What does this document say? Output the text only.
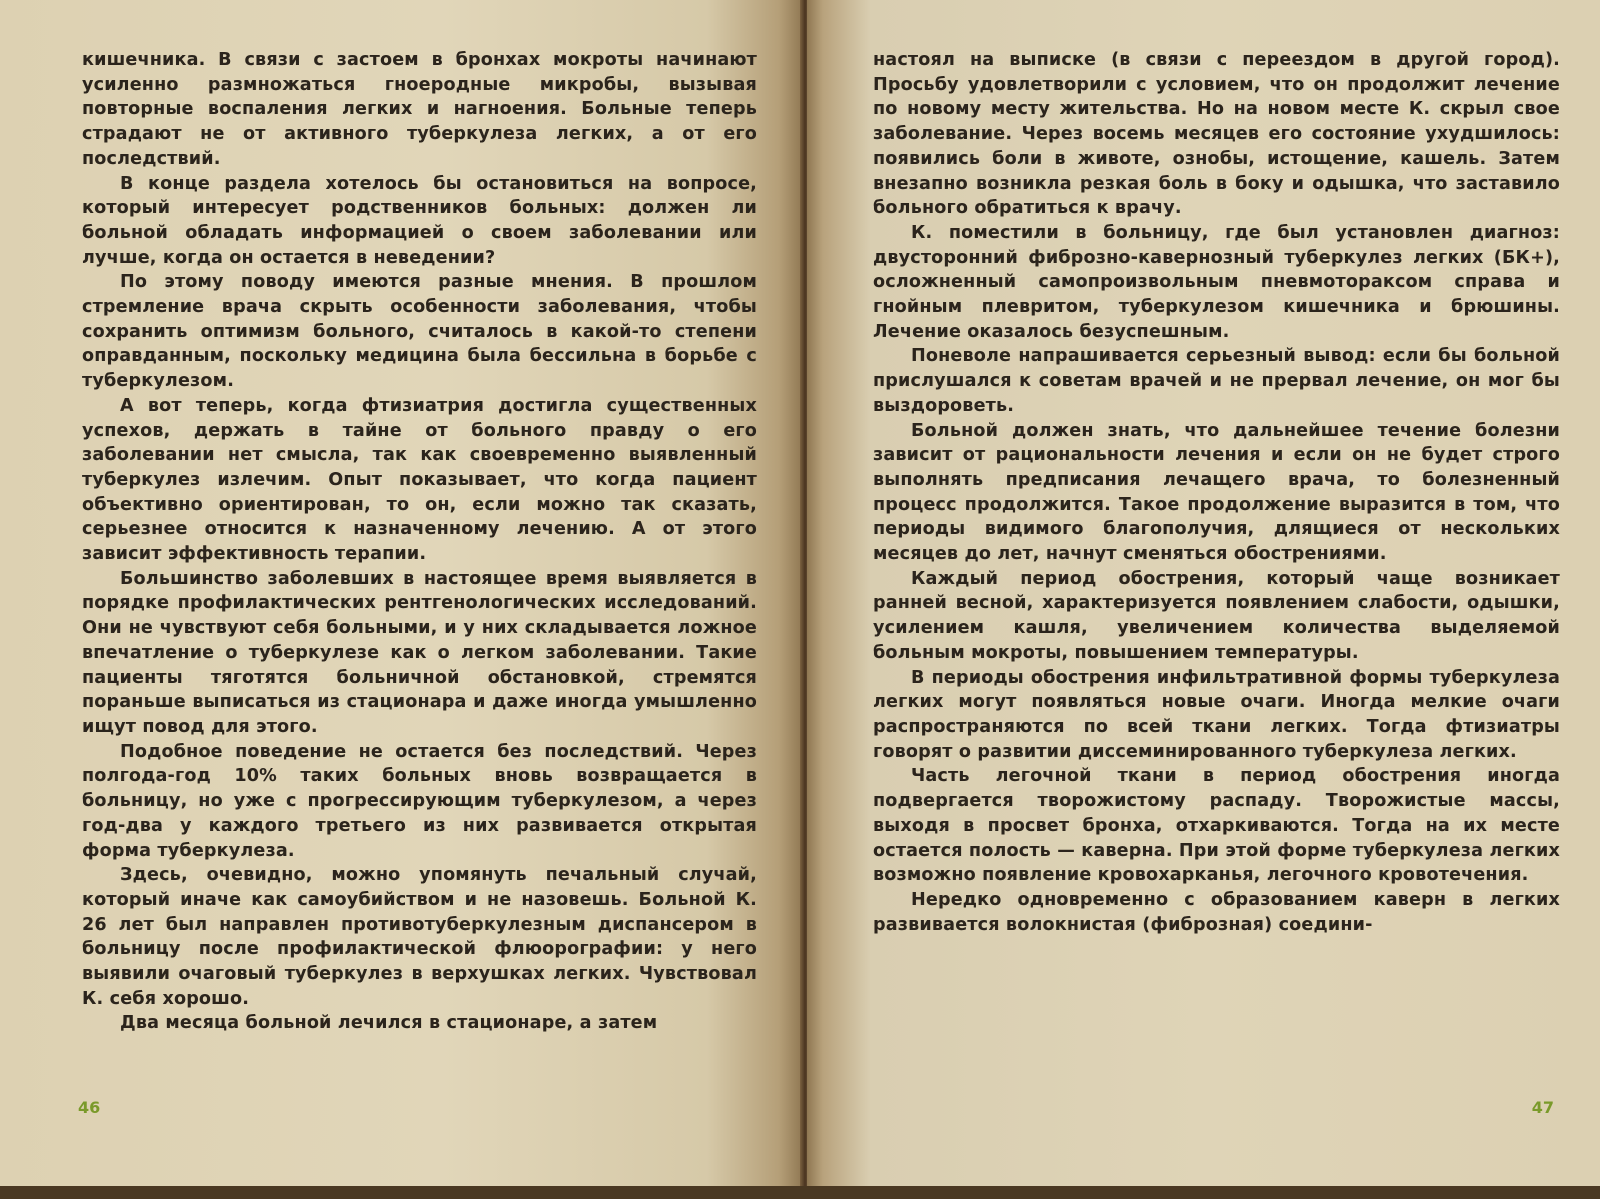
кишечника. В связи с застоем в бронхах мокроты начинают усиленно размножаться гноеродные микробы, вызывая повторные воспаления легких и нагноения. Больные теперь страдают не от активного туберкулеза легких, а от его последствий.

В конце раздела хотелось бы остановиться на вопросе, который интересует родственников больных: должен ли больной обладать информацией о своем заболевании или лучше, когда он остается в неведении?

По этому поводу имеются разные мнения. В прошлом стремление врача скрыть особенности заболевания, чтобы сохранить оптимизм больного, считалось в какой-то степени оправданным, поскольку медицина была бессильна в борьбе с туберкулезом.

А вот теперь, когда фтизиатрия достигла существенных успехов, держать в тайне от больного правду о его заболевании нет смысла, так как своевременно выявленный туберкулез излечим. Опыт показывает, что когда пациент объективно ориентирован, то он, если можно так сказать, серьезнее относится к назначенному лечению. А от этого зависит эффективность терапии.

Большинство заболевших в настоящее время выявляется в порядке профилактических рентгенологических исследований. Они не чувствуют себя больными, и у них складывается ложное впечатление о туберкулезе как о легком заболевании. Такие пациенты тяготятся больничной обстановкой, стремятся пораньше выписаться из стационара и даже иногда умышленно ищут повод для этого.

Подобное поведение не остается без последствий. Через полгода-год 10% таких больных вновь возвращается в больницу, но уже с прогрессирующим туберкулезом, а через год-два у каждого третьего из них развивается открытая форма туберкулеза.

Здесь, очевидно, можно упомянуть печальный случай, который иначе как самоубийством и не назовешь. Больной К. 26 лет был направлен противотуберкулезным диспансером в больницу после профилактической флюорографии: у него выявили очаговый туберкулез в верхушках легких. Чувствовал К. себя хорошо.

Два месяца больной лечился в стационаре, а затем

46

настоял на выписке (в связи с переездом в другой город). Просьбу удовлетворили с условием, что он продолжит лечение по новому месту жительства. Но на новом месте К. скрыл свое заболевание. Через восемь месяцев его состояние ухудшилось: появились боли в животе, ознобы, истощение, кашель. Затем внезапно возникла резкая боль в боку и одышка, что заставило больного обратиться к врачу.

К. поместили в больницу, где был установлен диагноз: двусторонний фиброзно-кавернозный туберкулез легких (БК+), осложненный самопроизвольным пневмотораксом справа и гнойным плевритом, туберкулезом кишечника и брюшины. Лечение оказалось безуспешным.

Поневоле напрашивается серьезный вывод: если бы больной прислушался к советам врачей и не прервал лечение, он мог бы выздороветь.

Больной должен знать, что дальнейшее течение болезни зависит от рациональности лечения и если он не будет строго выполнять предписания лечащего врача, то болезненный процесс продолжится. Такое продолжение выразится в том, что периоды видимого благополучия, длящиеся от нескольких месяцев до лет, начнут сменяться обострениями.

Каждый период обострения, который чаще возникает ранней весной, характеризуется появлением слабости, одышки, усилением кашля, увеличением количества выделяемой больным мокроты, повышением температуры.

В периоды обострения инфильтративной формы туберкулеза легких могут появляться новые очаги. Иногда мелкие очаги распространяются по всей ткани легких. Тогда фтизиатры говорят о развитии диссеминированного туберкулеза легких.

Часть легочной ткани в период обострения иногда подвергается творожистому распаду. Творожистые массы, выходя в просвет бронха, отхаркиваются. Тогда на их месте остается полость — каверна. При этой форме туберкулеза легких возможно появление кровохарканья, легочного кровотечения.

Нередко одновременно с образованием каверн в легких развивается волокнистая (фиброзная) соедини-

47
